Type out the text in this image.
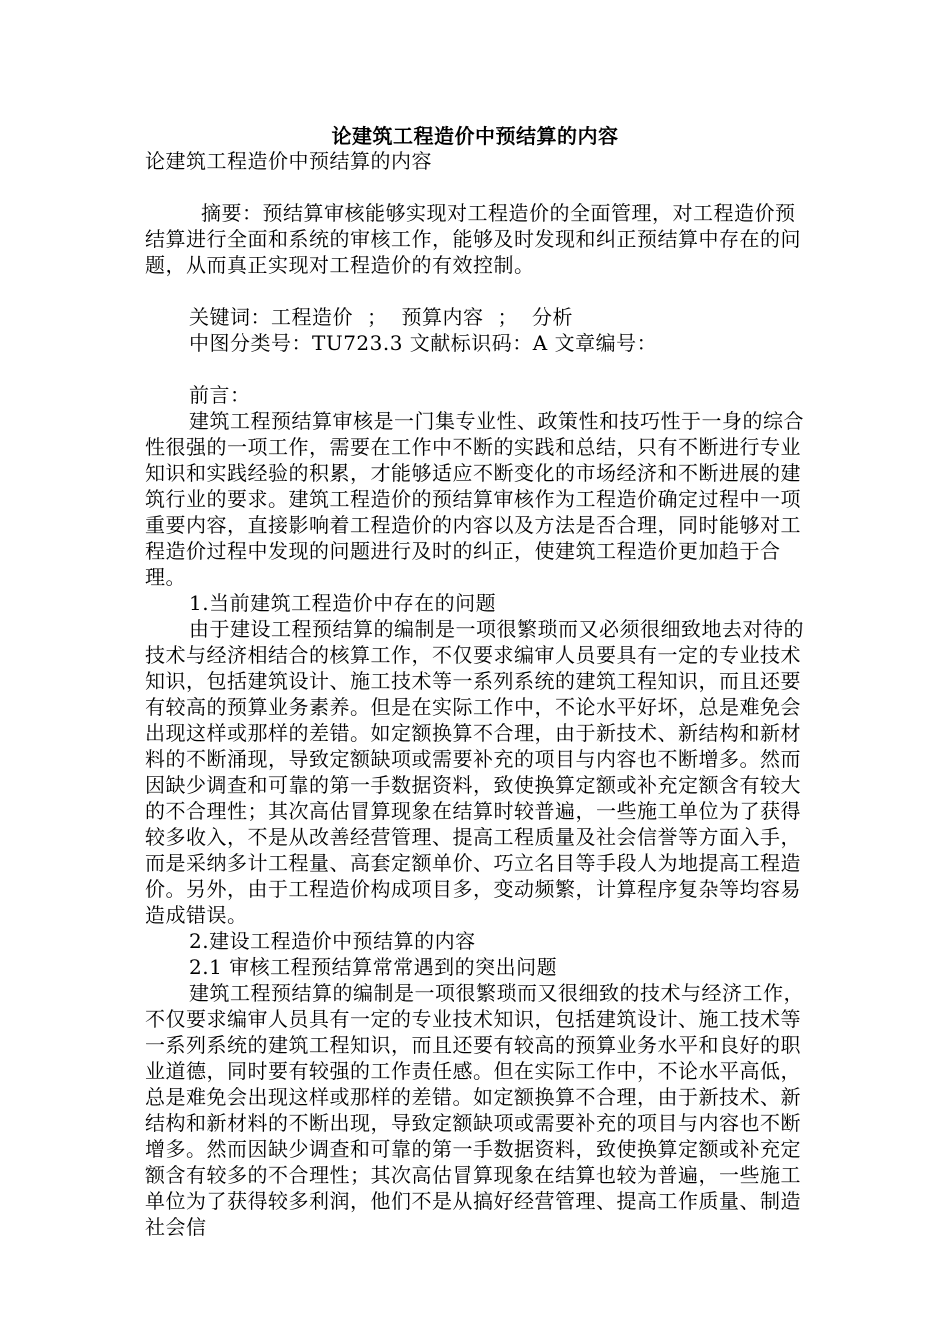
论建筑工程造价中预结算的内容

论建筑工程造价中预结算的内容

摘要：预结算审核能够实现对工程造价的全面管理，对工程造价预结算进行全面和系统的审核工作，能够及时发现和纠正预结算中存在的问题，从而真正实现对工程造价的有效控制。

关键词：工程造价 ； 预算内容 ； 分析

中图分类号：TU723.3 文献标识码：A 文章编号：

前言：

建筑工程预结算审核是一门集专业性、政策性和技巧性于一身的综合性很强的一项工作，需要在工作中不断的实践和总结，只有不断进行专业知识和实践经验的积累，才能够适应不断变化的市场经济和不断进展的建筑行业的要求。建筑工程造价的预结算审核作为工程造价确定过程中一项重要内容，直接影响着工程造价的内容以及方法是否合理，同时能够对工程造价过程中发现的问题进行及时的纠正，使建筑工程造价更加趋于合理。

1.当前建筑工程造价中存在的问题

由于建设工程预结算的编制是一项很繁琐而又必须很细致地去对待的技术与经济相结合的核算工作，不仅要求编审人员要具有一定的专业技术知识，包括建筑设计、施工技术等一系列系统的建筑工程知识，而且还要有较高的预算业务素养。但是在实际工作中，不论水平好坏，总是难免会出现这样或那样的差错。如定额换算不合理，由于新技术、新结构和新材料的不断涌现，导致定额缺项或需要补充的项目与内容也不断增多。然而因缺少调查和可靠的第一手数据资料，致使换算定额或补充定额含有较大的不合理性；其次高估冒算现象在结算时较普遍，一些施工单位为了获得较多收入，不是从改善经营管理、提高工程质量及社会信誉等方面入手，而是采纳多计工程量、高套定额单价、巧立名目等手段人为地提高工程造价。另外，由于工程造价构成项目多，变动频繁，计算程序复杂等均容易造成错误。

2.建设工程造价中预结算的内容

2.1 审核工程预结算常常遇到的突出问题

建筑工程预结算的编制是一项很繁琐而又很细致的技术与经济工作，不仅要求编审人员具有一定的专业技术知识，包括建筑设计、施工技术等一系列系统的建筑工程知识，而且还要有较高的预算业务水平和良好的职业道德，同时要有较强的工作责任感。但在实际工作中，不论水平高低，总是难免会出现这样或那样的差错。如定额换算不合理，由于新技术、新结构和新材料的不断出现，导致定额缺项或需要补充的项目与内容也不断增多。然而因缺少调查和可靠的第一手数据资料，致使换算定额或补充定额含有较多的不合理性；其次高估冒算现象在结算也较为普遍，一些施工单位为了获得较多利润，他们不是从搞好经营管理、提高工作质量、制造社会信
